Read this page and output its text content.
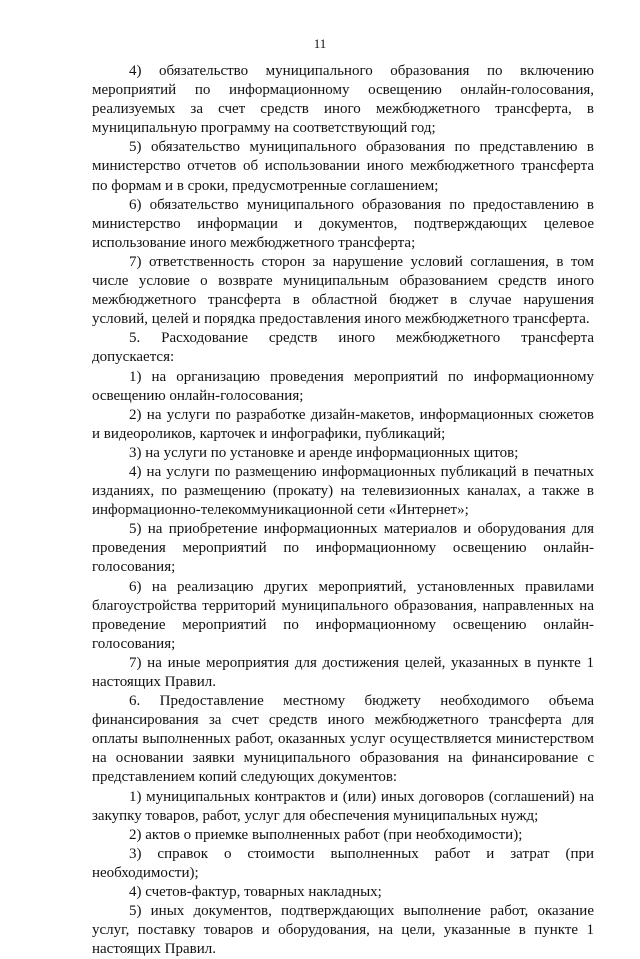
11

4) обязательство муниципального образования по включению мероприятий по информационному освещению онлайн-голосования, реализуемых за счет средств иного межбюджетного трансферта, в муниципальную программу на соответствующий год;

5) обязательство муниципального образования по представлению в министерство отчетов об использовании иного межбюджетного трансферта по формам и в сроки, предусмотренные соглашением;

6) обязательство муниципального образования по предоставлению в министерство информации и документов, подтверждающих целевое использование иного межбюджетного трансферта;

7) ответственность сторон за нарушение условий соглашения, в том числе условие о возврате муниципальным образованием средств иного межбюджетного трансферта в областной бюджет в случае нарушения условий, целей и порядка предоставления иного межбюджетного трансферта.

5. Расходование средств иного межбюджетного трансферта допускается:

1) на организацию проведения мероприятий по информационному освещению онлайн-голосования;

2) на услуги по разработке дизайн-макетов, информационных сюжетов и видеороликов, карточек и инфографики, публикаций;

3) на услуги по установке и аренде информационных щитов;

4) на услуги по размещению информационных публикаций в печатных изданиях, по размещению (прокату) на телевизионных каналах, а также в информационно-телекоммуникационной сети «Интернет»;

5) на приобретение информационных материалов и оборудования для проведения мероприятий по информационному освещению онлайн-голосования;

6) на реализацию других мероприятий, установленных правилами благоустройства территорий муниципального образования, направленных на проведение мероприятий по информационному освещению онлайн-голосования;

7) на иные мероприятия для достижения целей, указанных в пункте 1 настоящих Правил.

6. Предоставление местному бюджету необходимого объема финансирования за счет средств иного межбюджетного трансферта для оплаты выполненных работ, оказанных услуг осуществляется министерством на основании заявки муниципального образования на финансирование с представлением копий следующих документов:

1) муниципальных контрактов и (или) иных договоров (соглашений) на закупку товаров, работ, услуг для обеспечения муниципальных нужд;

2) актов о приемке выполненных работ (при необходимости);

3) справок о стоимости выполненных работ и затрат (при необходимости);

4) счетов-фактур, товарных накладных;

5) иных документов, подтверждающих выполнение работ, оказание услуг, поставку товаров и оборудования, на цели, указанные в пункте 1 настоящих Правил.
